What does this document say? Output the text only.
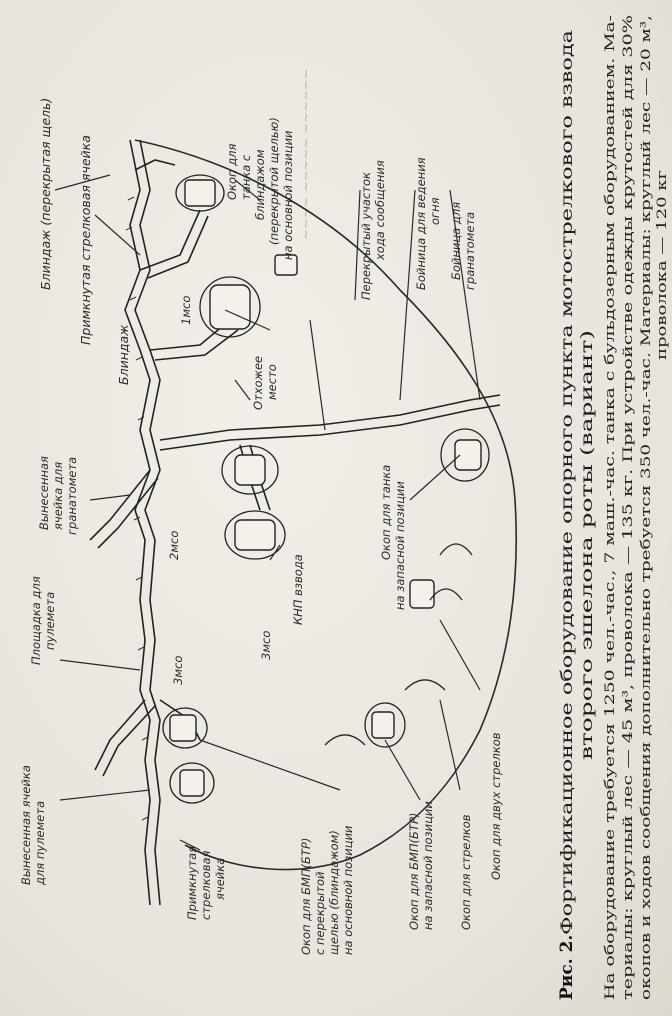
~~~~ ~~~~~ ~~~~~~
Примкнутая стрелковая ячейка
Блиндаж (перекрытая щель)
Блиндаж
Окоп для танка с блиндажом (перекрытой щелью) на основной позиции	Перекрытый участок хода сообщения Бойница для ведения огня Бойница для гранатомета
Вынесенная ячейка для гранатомета
Отхожее место
Окоп для танка на запасной позиции
Площадка для пулемета	КНП взвода
Вынесенная ячейка для пулемета	Примкнутая стрелковая ячейка	Окоп для БМП(БТР) с перекрытой щелью (блиндажом) на основной позиции	Окоп для БМП(БТР) на запасной позиции Окоп для стрелков Окоп для двух стрелков
1мсо
2мсо
3мсо
3мсо
Рис. 2.
Фортификационное оборудование опорного пункта мотострелкового взвода второго эшелона роты (вариант) На оборудование требуется 1250 чел.-час., 7 маш.-час. танка с бульдозерным оборудованием. Ма- териалы: круглый лес — 45 м³, проволока — 135 кг. При устройстве одежды крутостей для 30% окопов и ходов сообщения дополнительно требуется 350 чел.-час. Материалы: круглый лес — 20 м³, проволока — 120 кг
